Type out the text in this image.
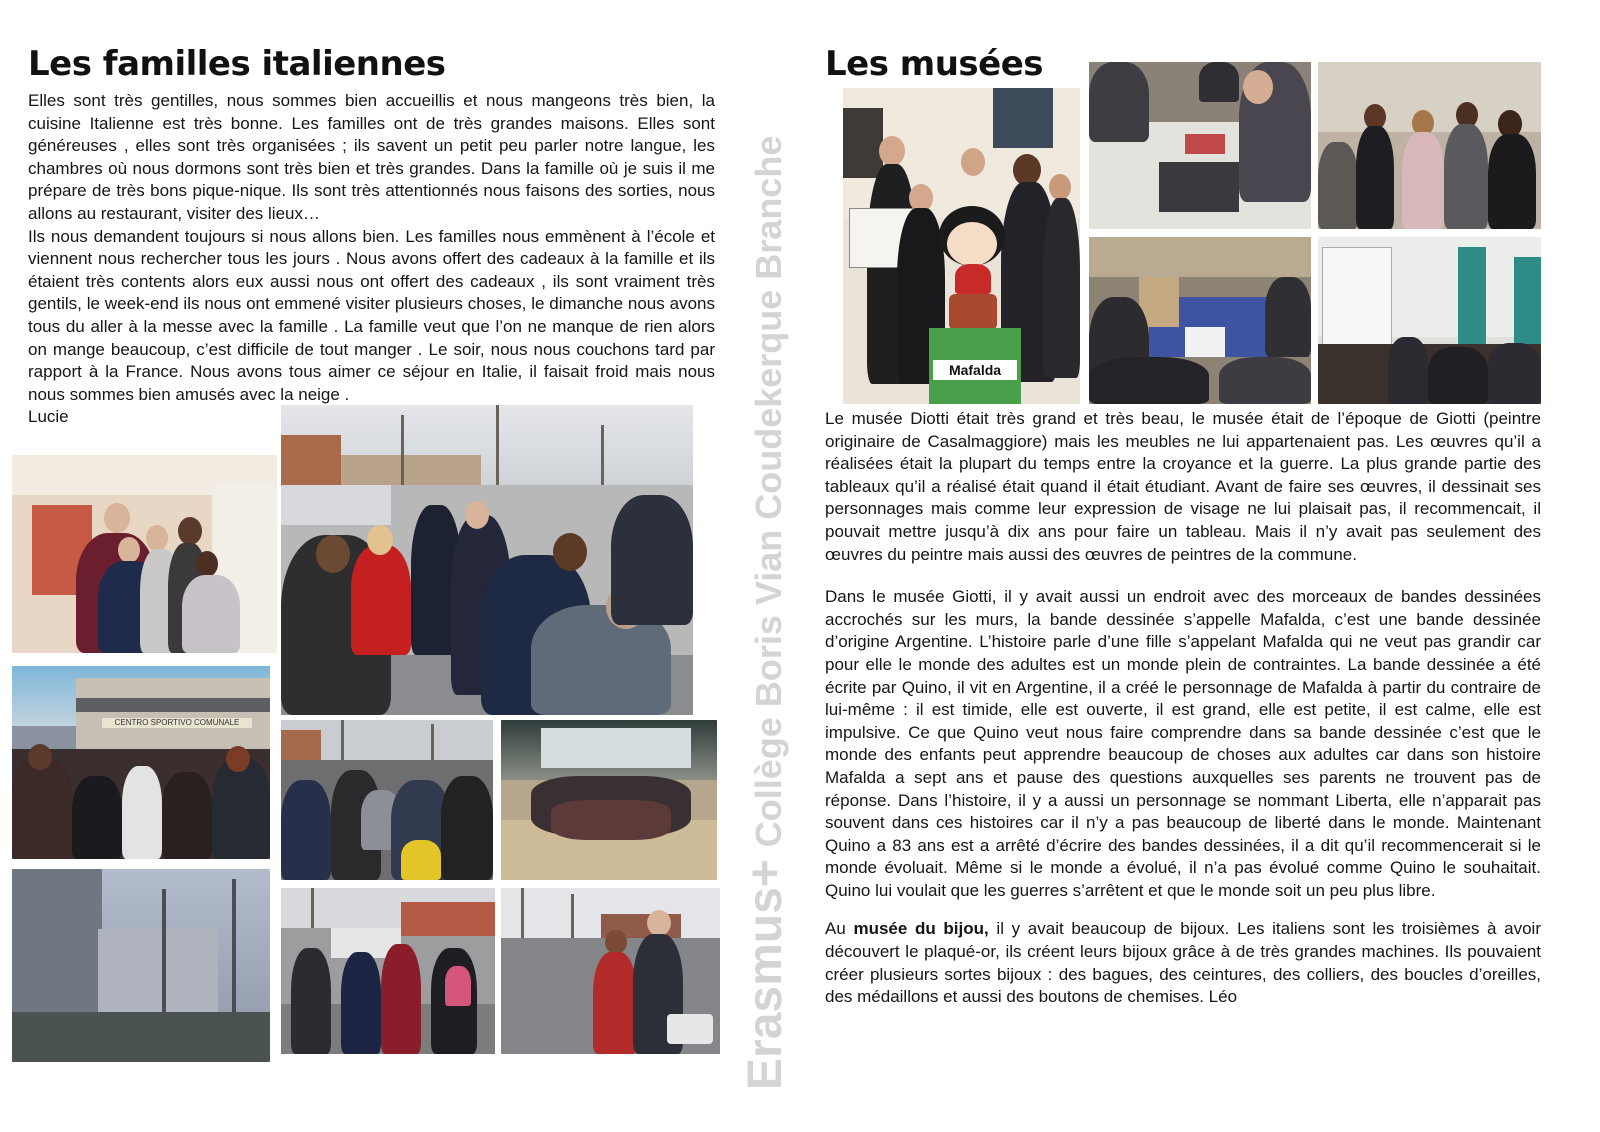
Les familles italiennes

Elles sont très gentilles, nous sommes bien accueillis et nous mangeons très bien, la cuisine Italienne est très bonne. Les familles ont de très grandes maisons. Elles sont généreuses , elles sont très organisées ; ils savent un petit peu parler notre langue, les chambres où nous dormons sont très bien et très grandes. Dans la famille où je suis il me prépare de très bons pique-nique. Ils sont très attentionnés nous faisons des sorties, nous allons au restaurant, visiter des lieux…

Ils nous demandent toujours si nous allons bien. Les familles nous emmènent à l’école et viennent nous rechercher tous les jours . Nous avons offert des cadeaux à la famille et ils étaient très contents alors eux aussi nous ont offert des cadeaux , ils sont vraiment très gentils, le week-end ils nous ont emmené visiter plusieurs choses, le dimanche nous avons tous du aller à la messe avec la famille . La famille veut que l’on ne manque de rien alors on mange beaucoup, c’est difficile de tout manger . Le soir, nous nous couchons tard par rapport à la France. Nous avons tous aimer ce séjour en Italie, il faisait froid mais nous nous sommes bien amusés avec la neige .

Lucie

CENTRO SPORTIVO COMUNALE
Erasmus+Collège Boris Vian Coudekerque Branche
Les musées
Mafalda

Le musée Diotti était très grand et très beau, le musée était de l’époque de Giotti (peintre originaire de Casalmaggiore) mais les meubles ne lui appartenaient pas. Les œuvres qu’il a réalisées était la plupart du temps entre la croyance et la guerre. La plus grande partie des tableaux qu’il a réalisé était quand il était étudiant. Avant de faire ses œuvres, il dessinait ses personnages mais comme leur expression de visage ne lui plaisait pas, il recommencait, il pouvait mettre jusqu’à dix ans pour faire un tableau. Mais il n’y avait pas seulement des œuvres du peintre mais aussi des œuvres de peintres de la commune.

Dans le musée Giotti, il y avait aussi un endroit avec des morceaux de bandes dessinées accrochés sur les murs, la bande dessinée s’appelle Mafalda, c’est une bande dessinée d’origine Argentine. L’histoire parle d’une fille s’appelant Mafalda qui ne veut pas grandir car pour elle le monde des adultes est un monde plein de contraintes. La bande dessinée a été écrite par Quino, il vit en Argentine, il a créé le personnage de Mafalda à partir du contraire de lui-même : il est timide, elle est ouverte, il est grand, elle est petite, il est calme, elle est impulsive. Ce que Quino veut nous faire comprendre dans sa bande dessinée c’est que le monde des enfants peut apprendre beaucoup de choses aux adultes car dans son histoire Mafalda a sept ans et pause des questions auxquelles ses parents ne trouvent pas de réponse. Dans l’histoire, il y a aussi un personnage se nommant Liberta, elle n’apparait pas souvent dans ces histoires car il n’y a pas beaucoup de liberté dans le monde. Maintenant Quino a 83 ans est a arrêté d’écrire des bandes dessinées, il a dit qu’il recommencerait si le monde évoluait. Même si le monde a évolué, il n’a pas évolué comme Quino le souhaitait. Quino lui voulait que les guerres s’arrêtent et que le monde soit un peu plus libre.

Au musée du bijou, il y avait beaucoup de bijoux. Les italiens sont les troisièmes à avoir découvert le plaqué-or, ils créent leurs bijoux grâce à de très grandes machines. Ils pouvaient créer plusieurs sortes bijoux : des bagues, des ceintures, des colliers, des boucles d’oreilles, des médaillons et aussi des boutons de chemises. Léo
